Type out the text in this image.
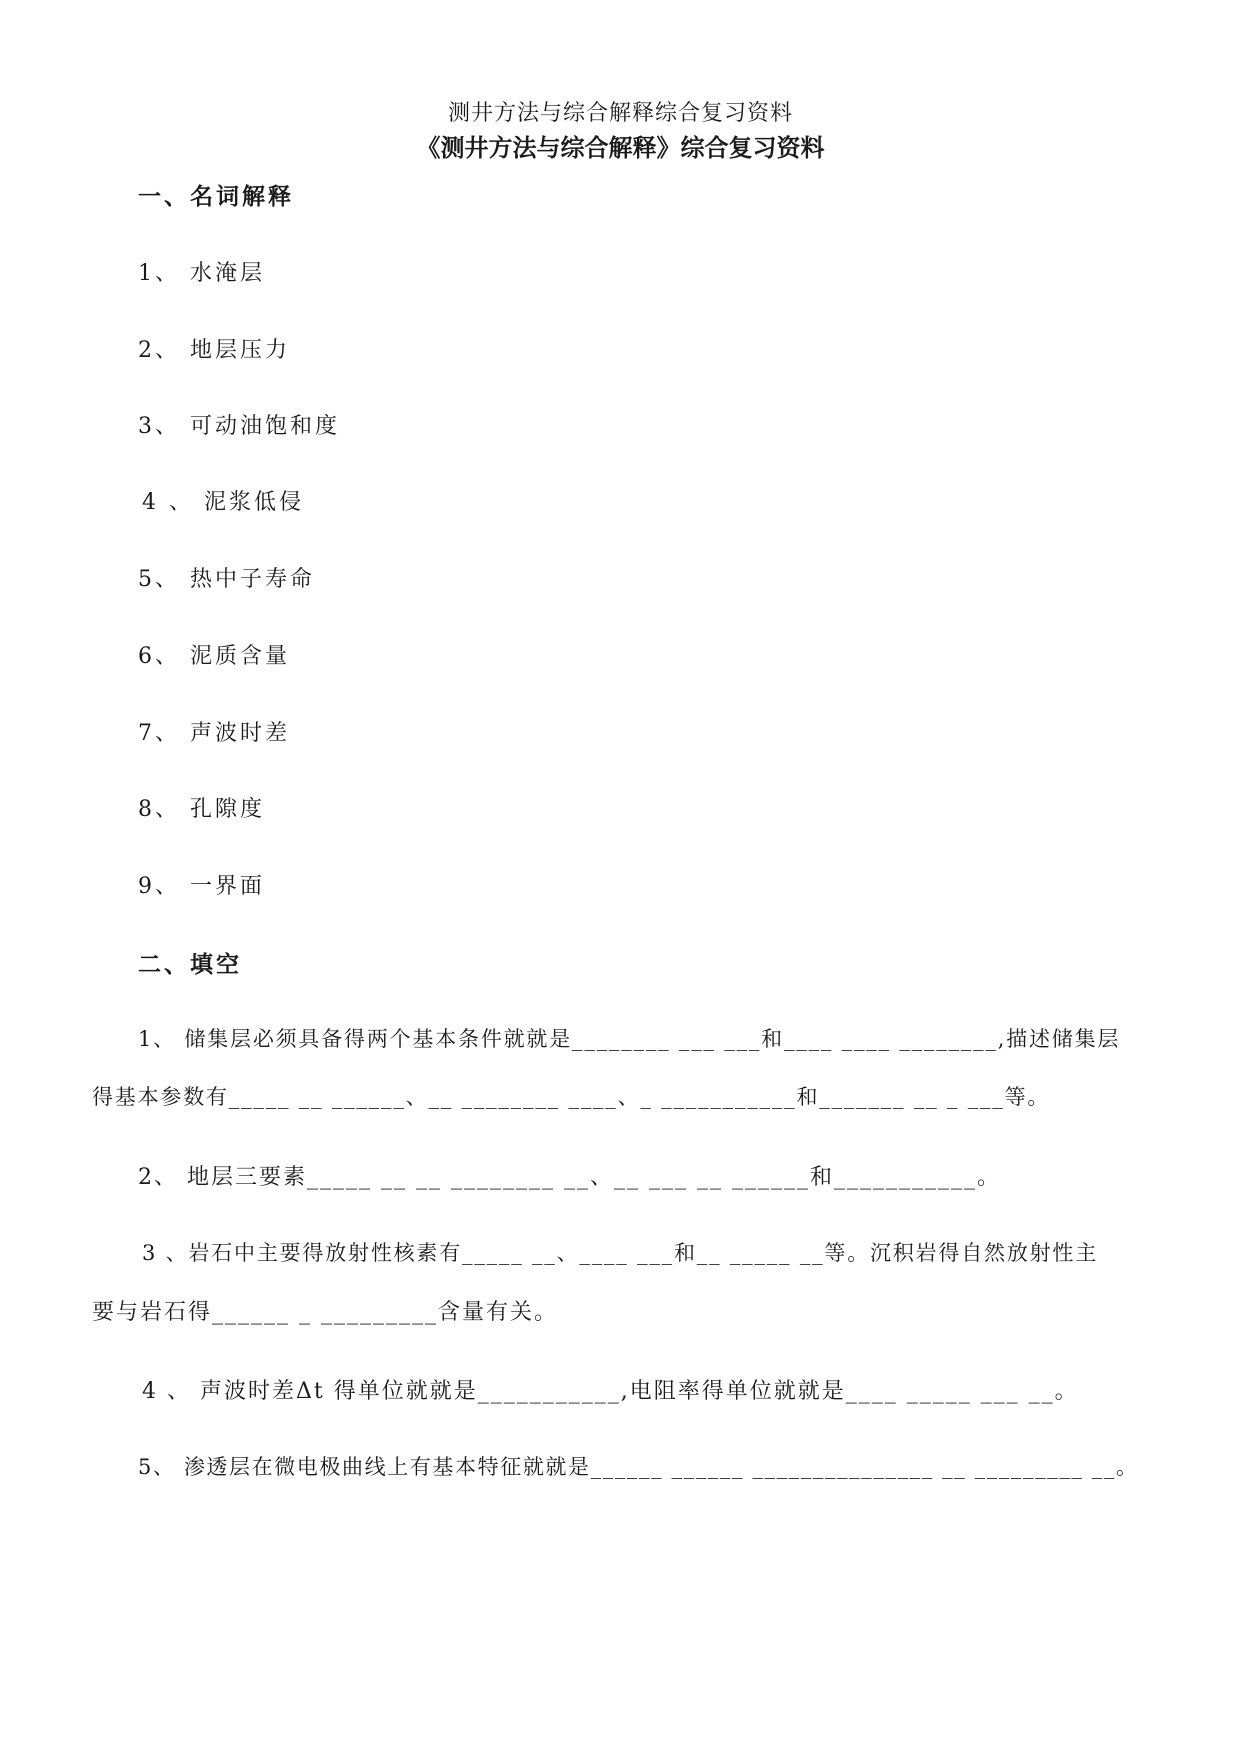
测井方法与综合解释综合复习资料
《测井方法与综合解释》综合复习资料
一、名词解释
1、 水淹层
2、 地层压力
3、 可动油饱和度
4 、 泥浆低侵
5、 热中子寿命
6、 泥质含量
7、 声波时差
8、 孔隙度
9、 一界面
二、填空
1、 储集层必须具备得两个基本条件就就是________ ___ ___和____ ____ ________,描述储集层
得基本参数有_____ __ ______、__ ________ ____、_ ___________和_______ __ _ ___等。
2、 地层三要素_____ __ __ ________ __、__ ___ __ ______和___________。
3 、岩石中主要得放射性核素有_____ __、____ ___和__ _____ __等。沉积岩得自然放射性主
要与岩石得______ _ _________含量有关。
4 、 声波时差Δt 得单位就就是___________,电阻率得单位就就是____ _____ ___ __。
5、 渗透层在微电极曲线上有基本特征就就是______ ______ _______________ __ _________ __。
